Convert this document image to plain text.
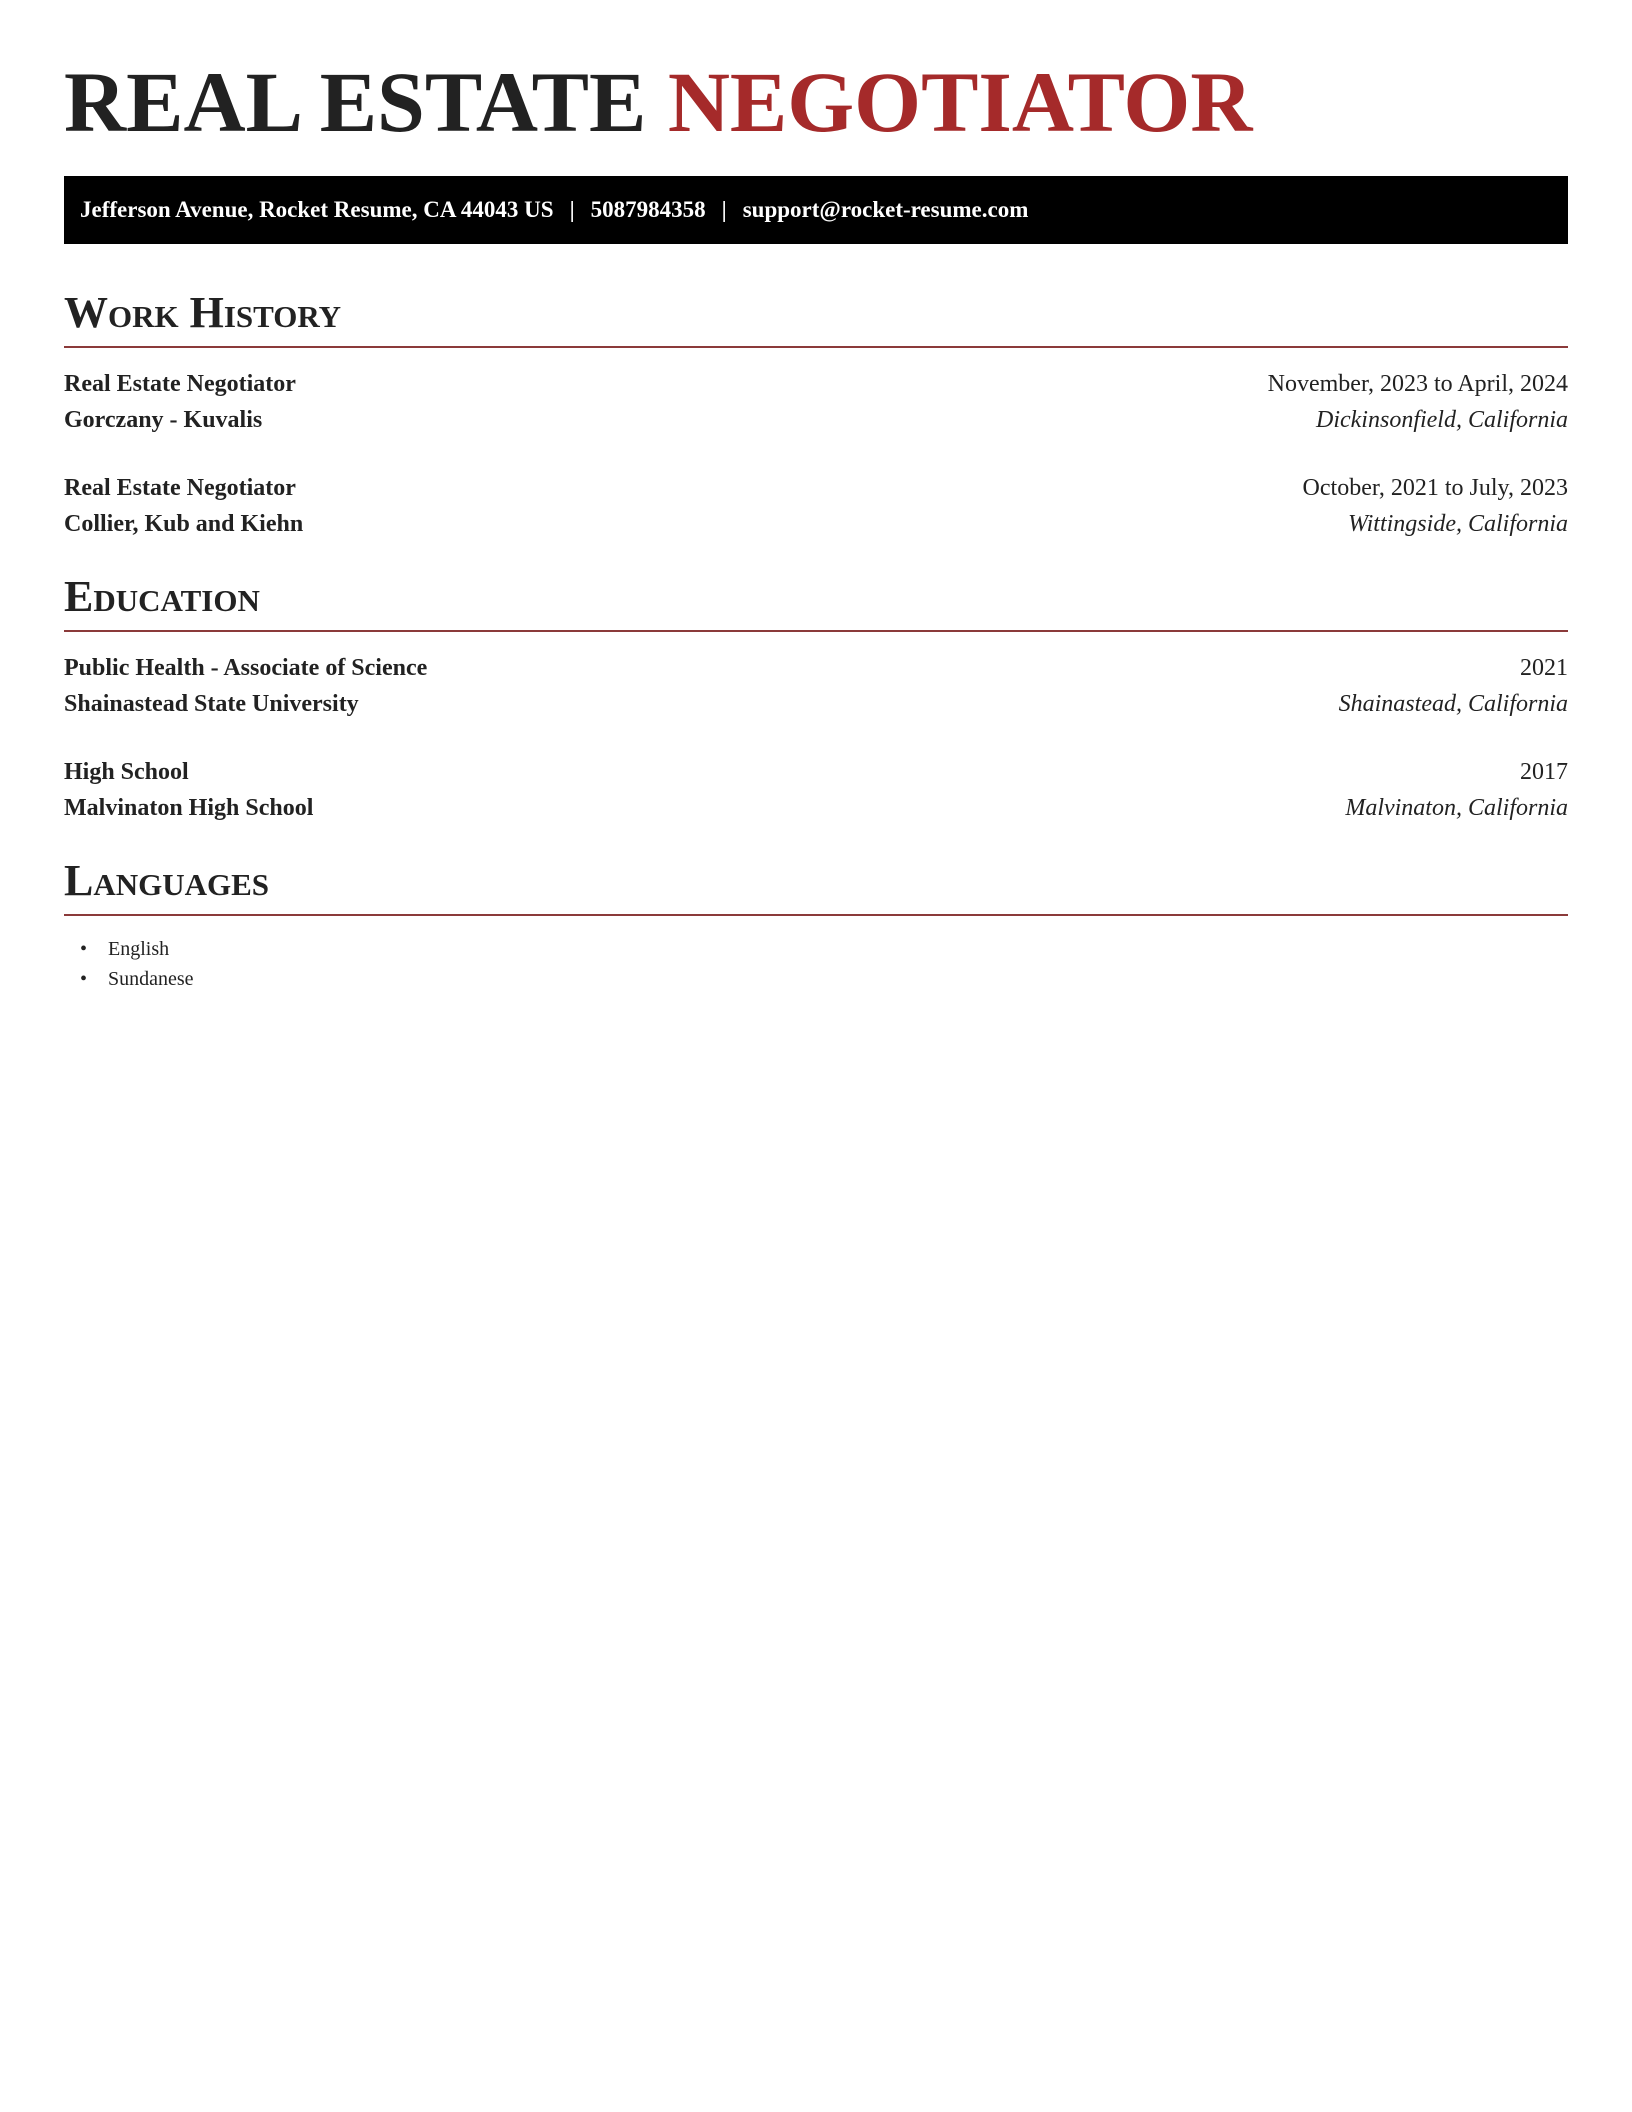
REAL ESTATE NEGOTIATOR
Jefferson Avenue, Rocket Resume, CA 44043 US | 5087984358 | support@rocket-resume.com
Work History
Real Estate Negotiator	November, 2023 to April, 2024
Gorczany - Kuvalis	Dickinsonfield, California
Real Estate Negotiator	October, 2021 to July, 2023
Collier, Kub and Kiehn	Wittingside, California
Education
Public Health - Associate of Science	2021
Shainastead State University	Shainastead, California
High School	2017
Malvinaton High School	Malvinaton, California
Languages
• English
• Sundanese
